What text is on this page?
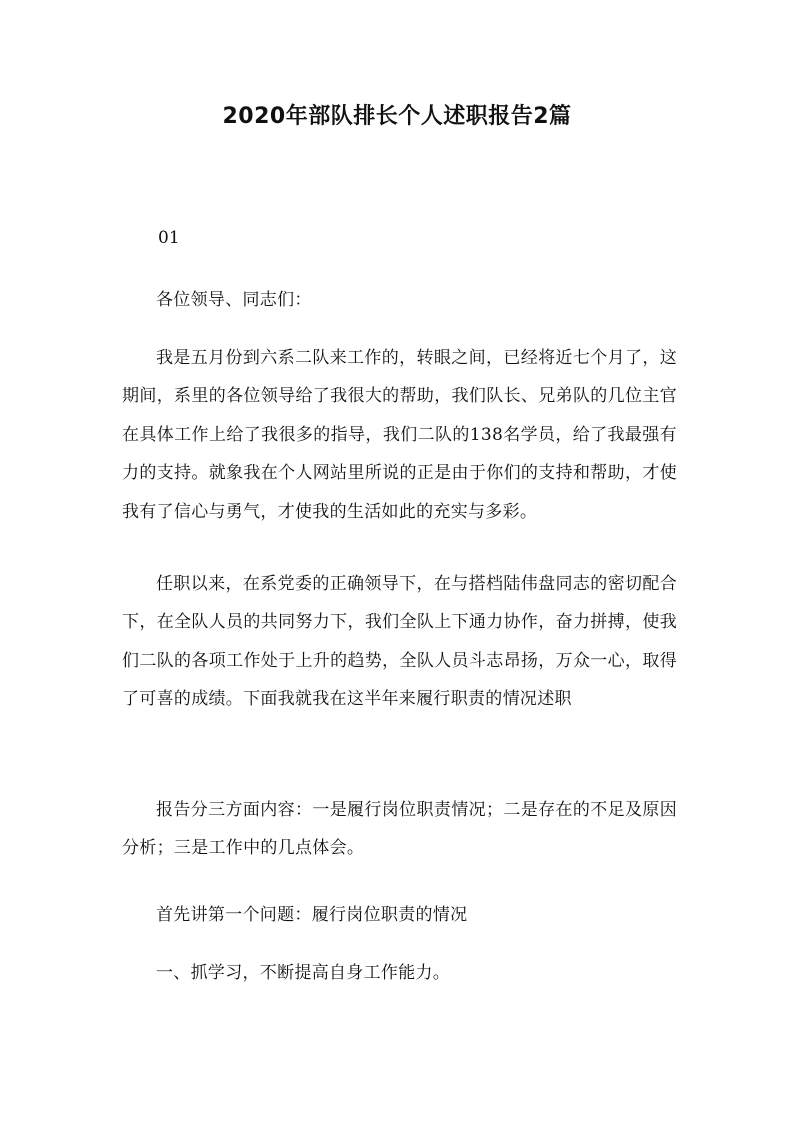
2020年部队排长个人述职报告2篇
01

各位领导、同志们：

我是五月份到六系二队来工作的，转眼之间，已经将近七个月了，这期间，系里的各位领导给了我很大的帮助，我们队长、兄弟队的几位主官在具体工作上给了我很多的指导，我们二队的138名学员，给了我最强有力的支持。就象我在个人网站里所说的正是由于你们的支持和帮助，才使我有了信心与勇气，才使我的生活如此的充实与多彩。

任职以来，在系党委的正确领导下，在与搭档陆伟盘同志的密切配合下，在全队人员的共同努力下，我们全队上下通力协作，奋力拼搏，使我们二队的各项工作处于上升的趋势，全队人员斗志昂扬，万众一心，取得了可喜的成绩。下面我就我在这半年来履行职责的情况述职

报告分三方面内容：一是履行岗位职责情况；二是存在的不足及原因分析；三是工作中的几点体会。

首先讲第一个问题：履行岗位职责的情况

一、抓学习，不断提高自身工作能力。
